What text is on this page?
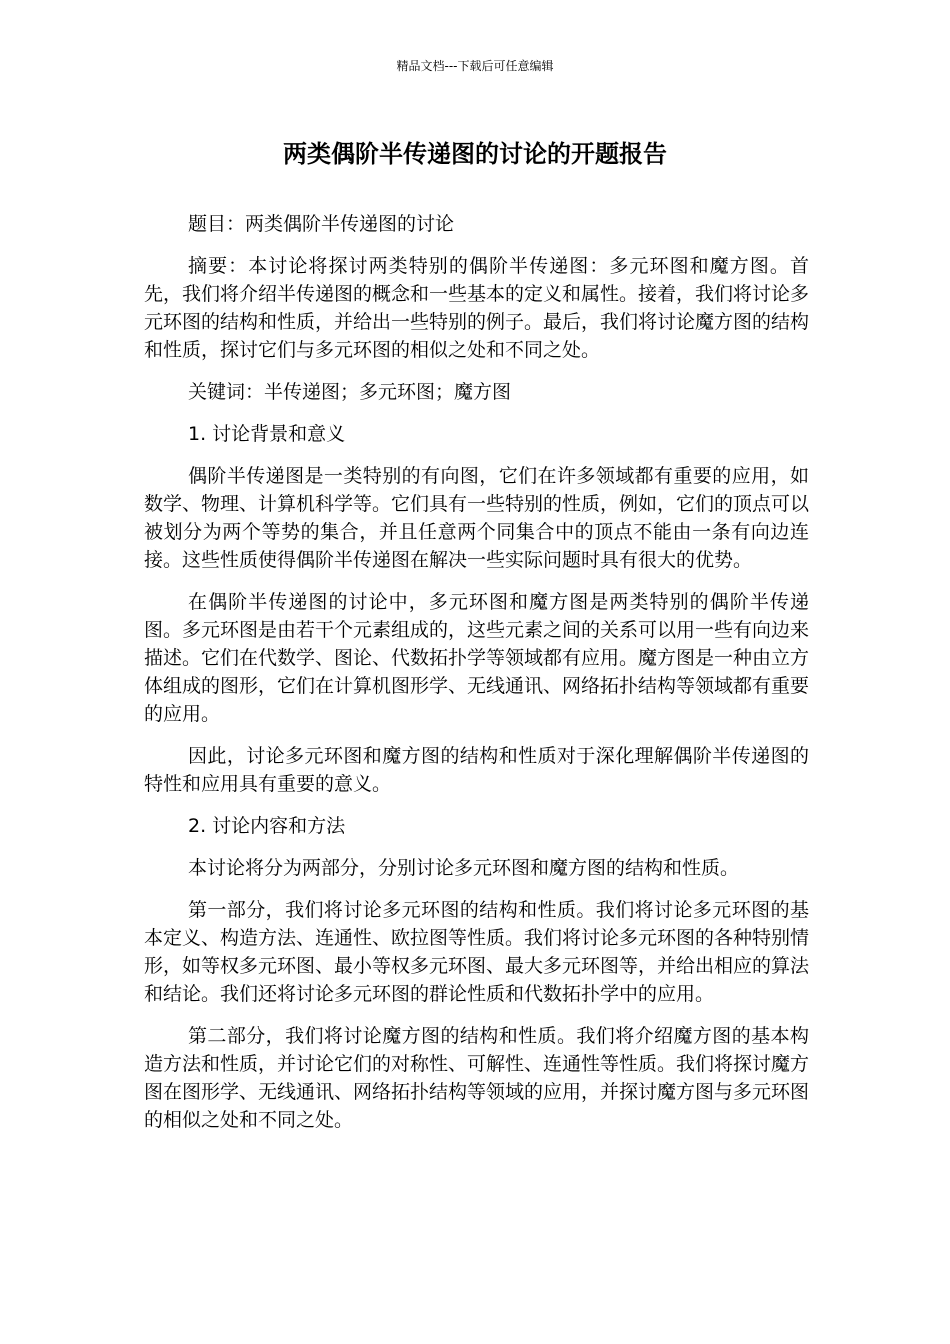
精品文档---下载后可任意编辑
两类偶阶半传递图的讨论的开题报告

题目：两类偶阶半传递图的讨论

摘要：本讨论将探讨两类特别的偶阶半传递图：多元环图和魔方图。首先，我们将介绍半传递图的概念和一些基本的定义和属性。接着，我们将讨论多元环图的结构和性质，并给出一些特别的例子。最后，我们将讨论魔方图的结构和性质，探讨它们与多元环图的相似之处和不同之处。

关键词：半传递图；多元环图；魔方图

1. 讨论背景和意义

偶阶半传递图是一类特别的有向图，它们在许多领域都有重要的应用，如数学、物理、计算机科学等。它们具有一些特别的性质，例如，它们的顶点可以被划分为两个等势的集合，并且任意两个同集合中的顶点不能由一条有向边连接。这些性质使得偶阶半传递图在解决一些实际问题时具有很大的优势。

在偶阶半传递图的讨论中，多元环图和魔方图是两类特别的偶阶半传递图。多元环图是由若干个元素组成的，这些元素之间的关系可以用一些有向边来描述。它们在代数学、图论、代数拓扑学等领域都有应用。魔方图是一种由立方体组成的图形，它们在计算机图形学、无线通讯、网络拓扑结构等领域都有重要的应用。

因此，讨论多元环图和魔方图的结构和性质对于深化理解偶阶半传递图的特性和应用具有重要的意义。

2. 讨论内容和方法

本讨论将分为两部分，分别讨论多元环图和魔方图的结构和性质。

第一部分，我们将讨论多元环图的结构和性质。我们将讨论多元环图的基本定义、构造方法、连通性、欧拉图等性质。我们将讨论多元环图的各种特别情形，如等权多元环图、最小等权多元环图、最大多元环图等，并给出相应的算法和结论。我们还将讨论多元环图的群论性质和代数拓扑学中的应用。

第二部分，我们将讨论魔方图的结构和性质。我们将介绍魔方图的基本构造方法和性质，并讨论它们的对称性、可解性、连通性等性质。我们将探讨魔方图在图形学、无线通讯、网络拓扑结构等领域的应用，并探讨魔方图与多元环图的相似之处和不同之处。
